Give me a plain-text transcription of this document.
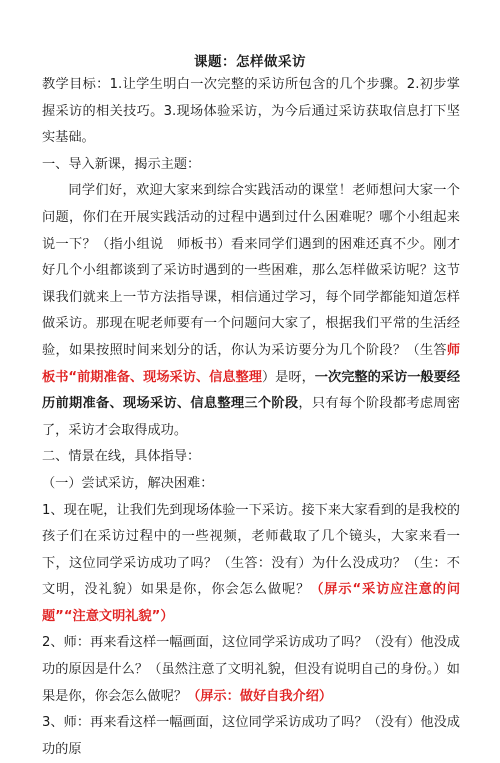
课题：怎样做采访

教学目标：1.让学生明白一次完整的采访所包含的几个步骤。2.初步掌握采访的相关技巧。3.现场体验采访，为今后通过采访获取信息打下坚实基础。

一、导入新课，揭示主题：

同学们好，欢迎大家来到综合实践活动的课堂！老师想问大家一个问题，你们在开展实践活动的过程中遇到过什么困难呢？哪个小组起来说一下？（指小组说　师板书）看来同学们遇到的困难还真不少。刚才好几个小组都谈到了采访时遇到的一些困难，那么怎样做采访呢？这节课我们就来上一节方法指导课，相信通过学习，每个同学都能知道怎样做采访。那现在呢老师要有一个问题问大家了，根据我们平常的生活经验，如果按照时间来划分的话，你认为采访要分为几个阶段？（生答师板书“前期准备、现场采访、信息整理）是呀，一次完整的采访一般要经历前期准备、现场采访、信息整理三个阶段，只有每个阶段都考虑周密了，采访才会取得成功。

二、情景在线，具体指导：

（一）尝试采访，解决困难：

1、现在呢，让我们先到现场体验一下采访。接下来大家看到的是我校的孩子们在采访过程中的一些视频，老师截取了几个镜头，大家来看一下，这位同学采访成功了吗？（生答：没有）为什么没成功？（生：不文明，没礼貌）如果是你，你会怎么做呢？（屏示“采访应注意的问题”“注意文明礼貌”）

2、师：再来看这样一幅画面，这位同学采访成功了吗？（没有）他没成功的原因是什么？（虽然注意了文明礼貌，但没有说明自己的身份。）如果是你，你会怎么做呢？（屏示：做好自我介绍）

3、师：再来看这样一幅画面，这位同学采访成功了吗？（没有）他没成功的原
